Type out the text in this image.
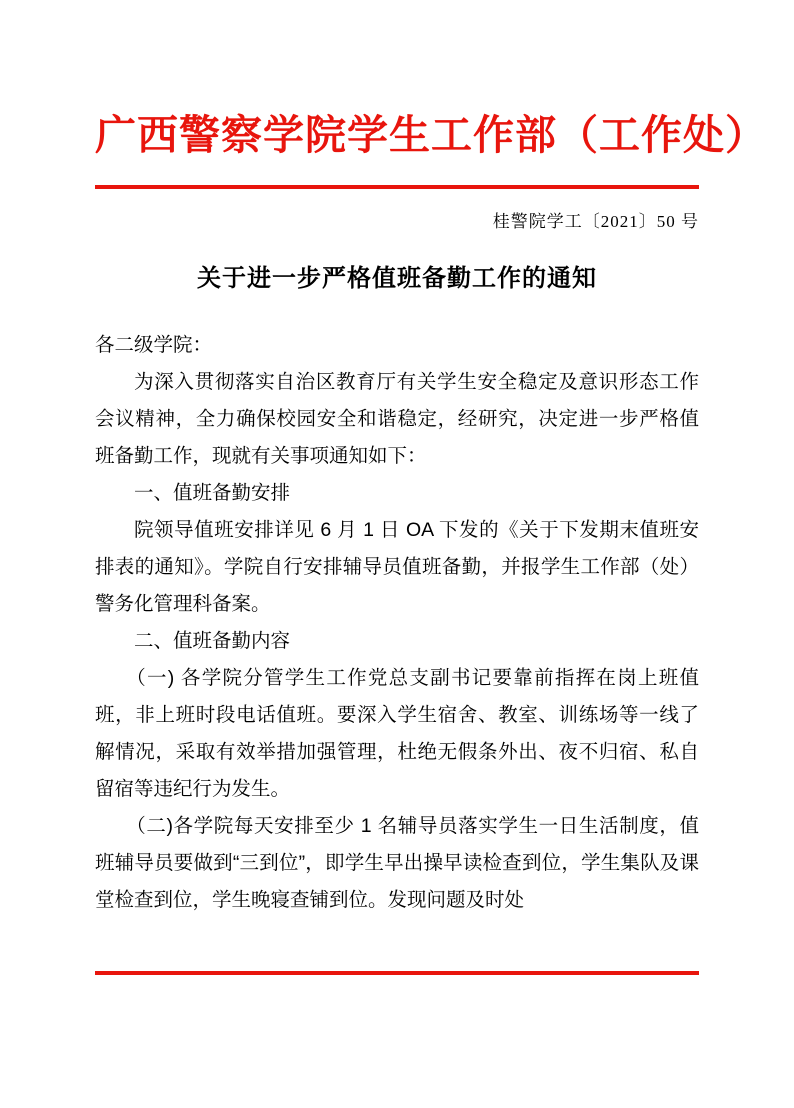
广西警察学院学生工作部（工作处）
桂警院学工〔2021〕50 号
关于进一步严格值班备勤工作的通知

各二级学院：

为深入贯彻落实自治区教育厅有关学生安全稳定及意识形态工作会议精神，全力确保校园安全和谐稳定，经研究，决定进一步严格值班备勤工作，现就有关事项通知如下：

一、值班备勤安排

院领导值班安排详见 6 月 1 日 OA 下发的《关于下发期末值班安排表的通知》。学院自行安排辅导员值班备勤，并报学生工作部（处）警务化管理科备案。

二、值班备勤内容

（一) 各学院分管学生工作党总支副书记要靠前指挥在岗上班值班，非上班时段电话值班。要深入学生宿舍、教室、训练场等一线了解情况，采取有效举措加强管理，杜绝无假条外出、夜不归宿、私自留宿等违纪行为发生。

（二)各学院每天安排至少 1 名辅导员落实学生一日生活制度，值班辅导员要做到“三到位”，即学生早出操早读检查到位，学生集队及课堂检查到位，学生晚寝查铺到位。发现问题及时处
